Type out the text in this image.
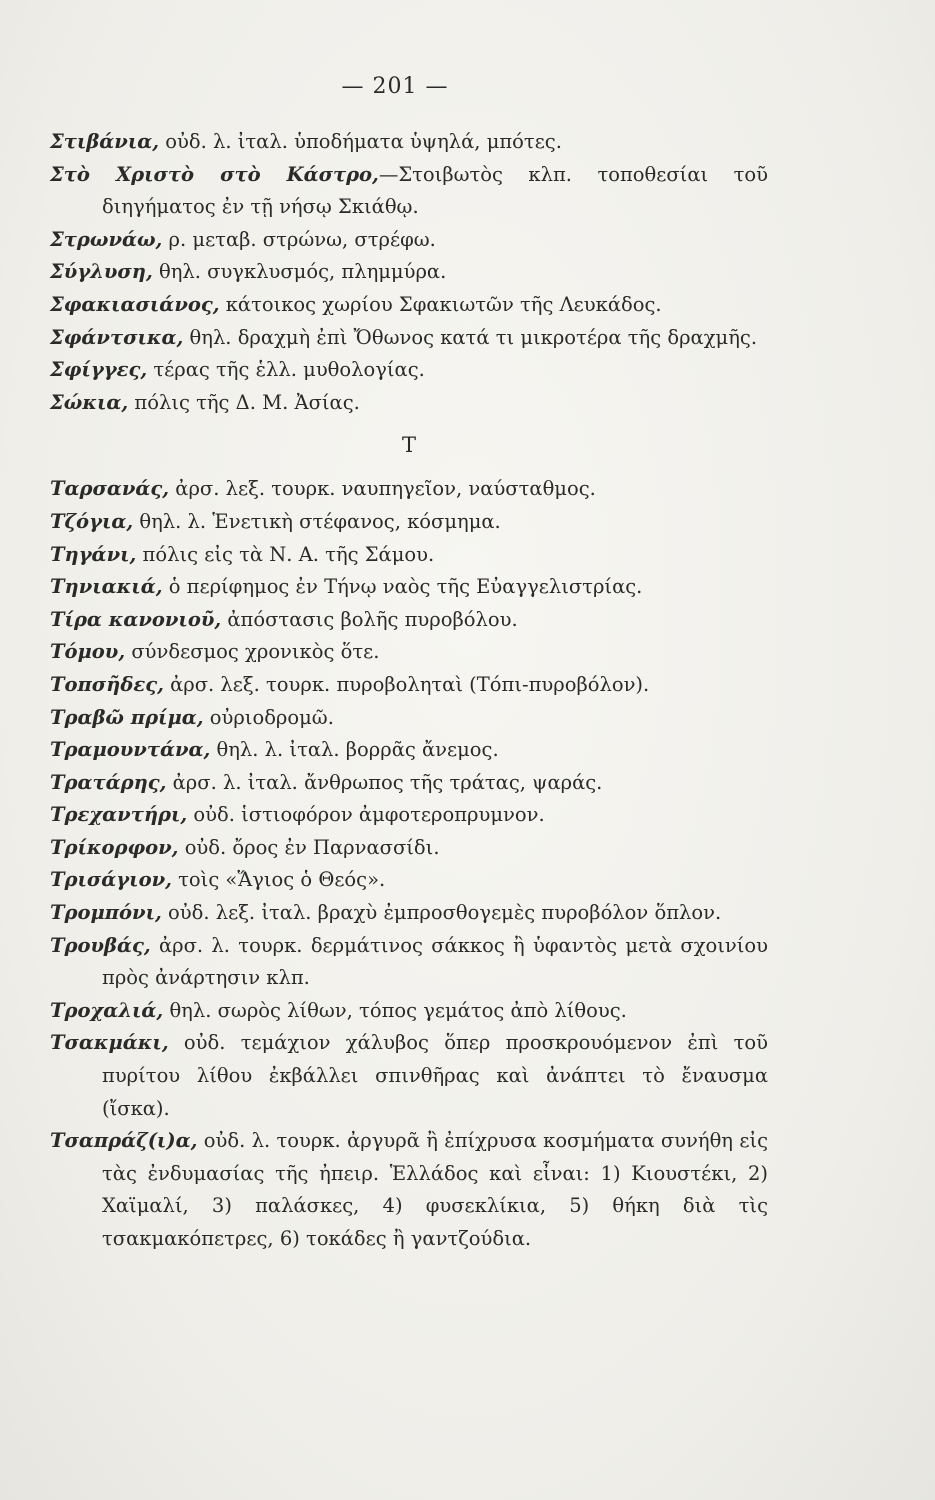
— 201 —

Στιβάνια, οὐδ. λ. ἰταλ. ὑποδήματα ὑψηλά, μπότες.

Στὸ Χριστὸ στὸ Κάστρο,—Στοιβωτὸς κλπ. τοποθεσίαι τοῦ διηγήματος ἐν τῇ νήσῳ Σκιάθῳ.

Στρωνάω, ρ. μεταβ. στρώνω, στρέφω.

Σύγλυση, θηλ. συγκλυσμός, πλημμύρα.

Σφακιασιάνος, κάτοικος χωρίου Σφακιωτῶν τῆς Λευκάδος.

Σφάντσικα, θηλ. δραχμὴ ἐπὶ Ὄθωνος κατά τι μικροτέρα τῆς δραχμῆς.

Σφίγγες, τέρας τῆς ἑλλ. μυθολογίας.

Σώκια, πόλις τῆς Δ. Μ. Ἀσίας.

T

Ταρσανάς, ἀρσ. λεξ. τουρκ. ναυπηγεῖον, ναύσταθμος.

Τζόγια, θηλ. λ. Ἑνετικὴ στέφανος, κόσμημα.

Τηγάνι, πόλις εἰς τὰ Ν. Α. τῆς Σάμου.

Τηνιακιά, ὁ περίφημος ἐν Τήνῳ ναὸς τῆς Εὐαγγελιστρίας.

Τίρα κανονιοῦ, ἀπόστασις βολῆς πυροβόλου.

Τόμου, σύνδεσμος χρονικὸς ὅτε.

Τοπσῆδες, ἀρσ. λεξ. τουρκ. πυροβοληταὶ (Τόπι-πυροβόλον).

Τραβῶ πρίμα, οὐριοδρομῶ.

Τραμουντάνα, θηλ. λ. ἰταλ. βορρᾶς ἄνεμος.

Τρατάρης, ἀρσ. λ. ἰταλ. ἄνθρωπος τῆς τράτας, ψαράς.

Τρεχαντήρι, οὐδ. ἱστιοφόρον ἀμφοτεροπρυμνον.

Τρίκορφον, οὐδ. ὄρος ἐν Παρνασσίδι.

Τρισάγιον, τοὶς «Ἅγιος ὁ Θεός».

Τρομπόνι, οὐδ. λεξ. ἰταλ. βραχὺ ἐμπροσθογεμὲς πυροβόλον ὅπλον.

Τρουβάς, ἀρσ. λ. τουρκ. δερμάτινος σάκκος ἢ ὑφαντὸς μετὰ σχοινίου πρὸς ἀνάρτησιν κλπ.

Τροχαλιά, θηλ. σωρὸς λίθων, τόπος γεμάτος ἀπὸ λίθους.

Τσακμάκι, οὐδ. τεμάχιον χάλυβος ὅπερ προσκρουόμενον ἐπὶ τοῦ πυρίτου λίθου ἐκβάλλει σπινθῆρας καὶ ἀνάπτει τὸ ἔναυσμα (ἴσκα).

Τσαπράζ(ι)α, οὐδ. λ. τουρκ. ἀργυρᾶ ἢ ἐπίχρυσα κοσμήματα συνήθη εἰς τὰς ἐνδυμασίας τῆς ἠπειρ. Ἑλλάδος καὶ εἶναι: 1) Κιουστέκι, 2) Χαϊμαλί, 3) παλάσκες, 4) φυσεκλίκια, 5) θήκη διὰ τὶς τσακμακόπετρες, 6) τοκάδες ἢ γαντζούδια.
